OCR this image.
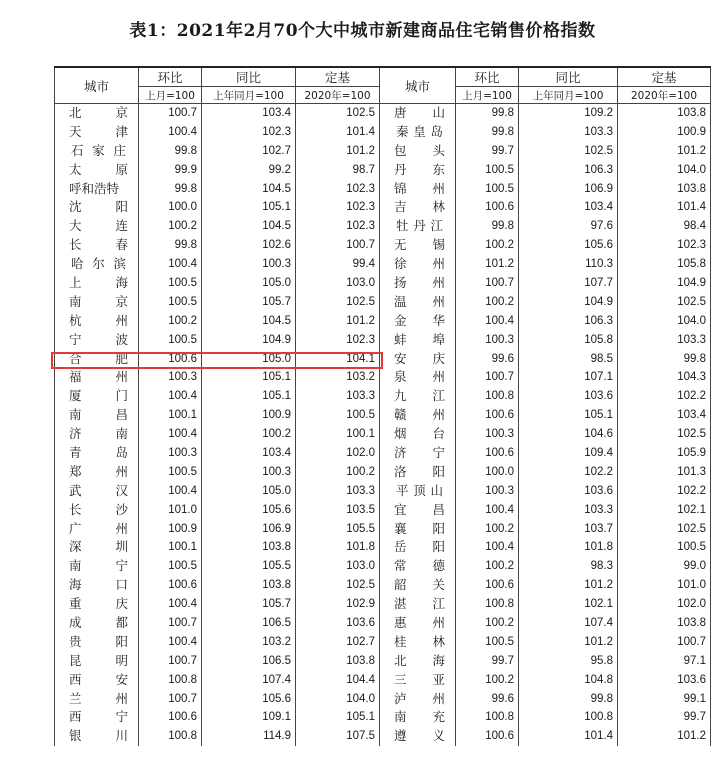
表1：2021年2月70个大中城市新建商品住宅销售价格指数
城市	环比	同比	定基	城市	环比	同比	定基
	上月=100	上年同月=100	2020年=100		上月=100	上年同月=100	2020年=100

北京	100.7	103.4	102.5	唐山	99.8	109.2	103.8

天津	100.4	102.3	101.4	秦皇岛	99.8	103.3	100.9

石家庄	99.8	102.7	101.2	包头	99.7	102.5	101.2

太原	99.9	99.2	98.7	丹东	100.5	106.3	104.0

呼和浩特	99.8	104.5	102.3	锦州	100.5	106.9	103.8

沈阳	100.0	105.1	102.3	吉林	100.6	103.4	101.4

大连	100.2	104.5	102.3	牡丹江	99.8	97.6	98.4

长春	99.8	102.6	100.7	无锡	100.2	105.6	102.3

哈尔滨	100.4	100.3	99.4	徐州	101.2	110.3	105.8

上海	100.5	105.0	103.0	扬州	100.7	107.7	104.9

南京	100.5	105.7	102.5	温州	100.2	104.9	102.5

杭州	100.2	104.5	101.2	金华	100.4	106.3	104.0

宁波	100.5	104.9	102.3	蚌埠	100.3	105.8	103.3

合肥	100.6	105.0	104.1	安庆	99.6	98.5	99.8

福州	100.3	105.1	103.2	泉州	100.7	107.1	104.3

厦门	100.4	105.1	103.3	九江	100.8	103.6	102.2

南昌	100.1	100.9	100.5	赣州	100.6	105.1	103.4

济南	100.4	100.2	100.1	烟台	100.3	104.6	102.5

青岛	100.3	103.4	102.0	济宁	100.6	109.4	105.9

郑州	100.5	100.3	100.2	洛阳	100.0	102.2	101.3

武汉	100.4	105.0	103.3	平顶山	100.3	103.6	102.2

长沙	101.0	105.6	103.5	宜昌	100.4	103.3	102.1

广州	100.9	106.9	105.5	襄阳	100.2	103.7	102.5

深圳	100.1	103.8	101.8	岳阳	100.4	101.8	100.5

南宁	100.5	105.5	103.0	常德	100.2	98.3	99.0

海口	100.6	103.8	102.5	韶关	100.6	101.2	101.0

重庆	100.4	105.7	102.9	湛江	100.8	102.1	102.0

成都	100.7	106.5	103.6	惠州	100.2	107.4	103.8

贵阳	100.4	103.2	102.7	桂林	100.5	101.2	100.7

昆明	100.7	106.5	103.8	北海	99.7	95.8	97.1

西安	100.8	107.4	104.4	三亚	100.2	104.8	103.6

兰州	100.7	105.6	104.0	泸州	99.6	99.8	99.1

西宁	100.6	109.1	105.1	南充	100.8	100.8	99.7

银川	100.8	114.9	107.5	遵义	100.6	101.4	101.2
